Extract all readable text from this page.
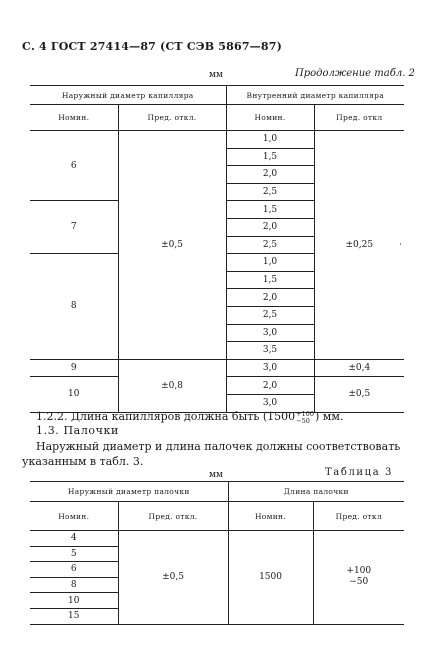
С. 4 ГОСТ 27414—87 (СТ СЭВ 5867—87)
мм	Продолжение табл. 2
Наружный диаметр капилляра		Внутренний диаметр капилляра	
Номин.	Пред. откл.	Номин.	Пред. откл
6	±0,5	1,0	±0,25 ·

		1,5	
		2,0	
		2,5	
7		1,5	
		2,0	
		2,5	
8		1,0	
		1,5	
		2,0	
		2,5	
		3,0	
		3,5	
9	±0,8	3,0	±0,4
10		2,0	±0,5
		3,0	
1.2.2. Длина капилляров должна быть (1500 +100
−50 ) мм.
1.3. Палочки
Наружный диаметр и длина палочек должны соответствовать
указанным в табл. 3.
мм	Таблица 3
Наружный диаметр палочки		Длина палочки	
Номин.	Пред. откл.	Номин.	Пред. откл
4	±0,5	1500	+100
−50

5			
6			
8			
10			
15			
